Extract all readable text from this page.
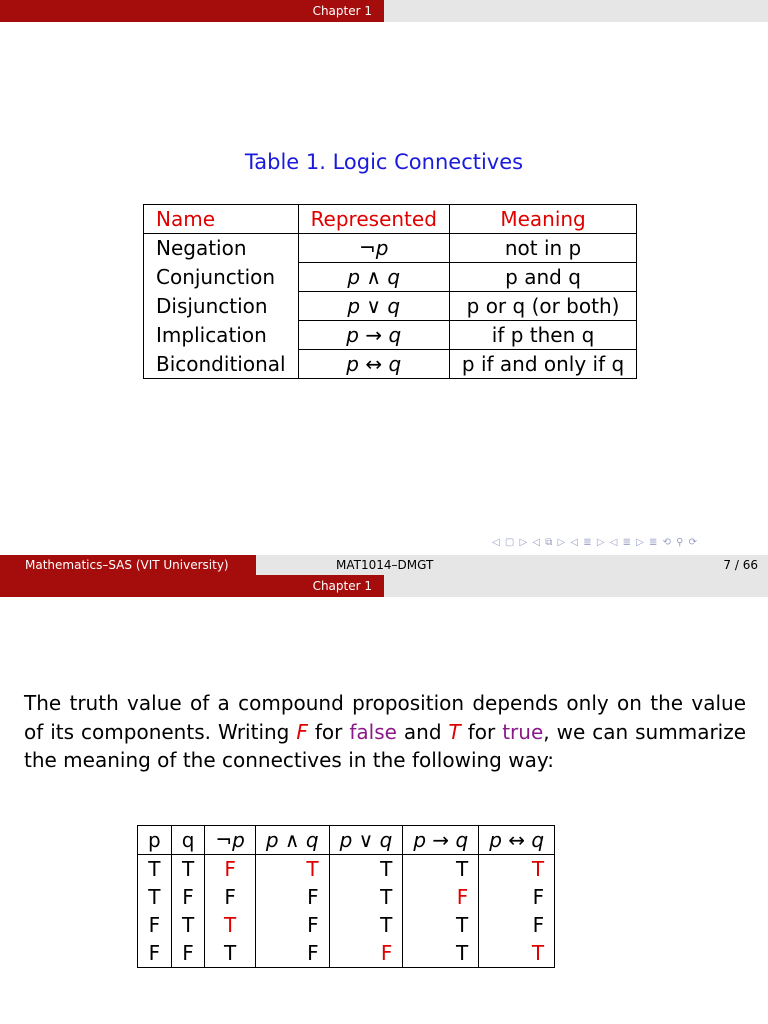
Chapter 1
Table 1. Logic Connectives
Name	Represented	Meaning
Negation	¬p	not in p
Conjunction	p ∧ q	p and q
Disjunction	p ∨ q	p or q (or both)
Implication	p → q	if p then q
Biconditional	p ↔ q	p if and only if q
◁ ▢ ▷ ◁ ⧉ ▷ ◁ ≣ ▷ ◁ ≣ ▷ ≣ ⟲ ⚲ ⟳
Mathematics–SAS (VIT University)	MAT1014–DMGT	7 / 66
Chapter 1
The truth value of a compound proposition depends only on the value of its components. Writing F for false and T for true, we can summarize the meaning of the connectives in the following way:
p	q	¬p	p ∧ q	p ∨ q	p → q	p ↔ q
T	T	F	T	T	T	T
T	F	F	F	T	F	F
F	T	T	F	T	T	F
F	F	T	F	F	T	T
